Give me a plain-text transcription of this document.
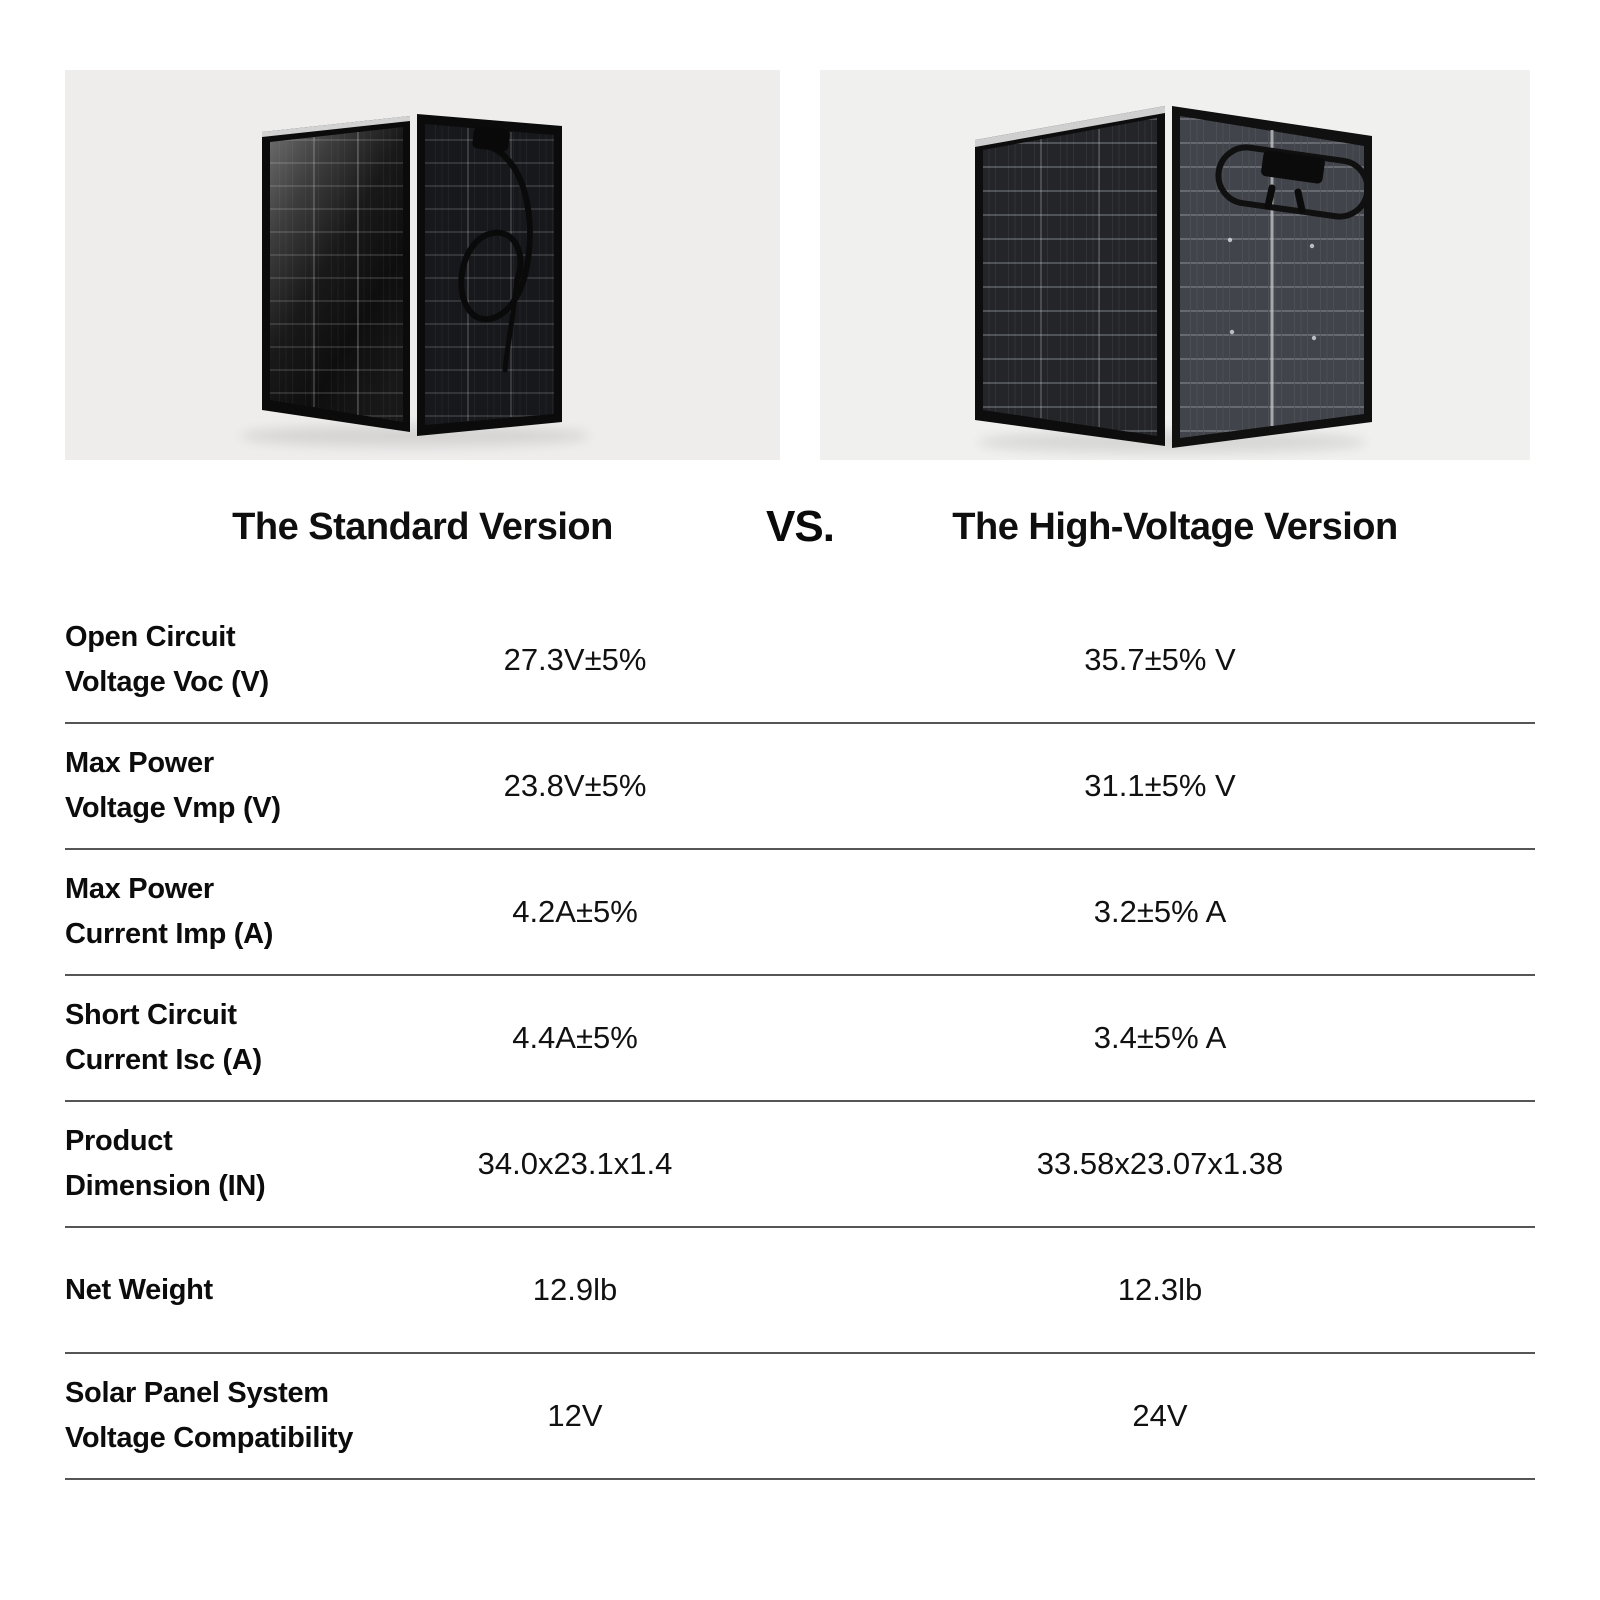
The Standard Version	VS.	The High-Voltage Version
Open Circuit
Voltage Voc (V)
27.3V±5%	35.7±5% V
Max Power
Voltage Vmp (V)
23.8V±5%	31.1±5% V
Max Power
Current Imp (A)
4.2A±5%	3.2±5% A
Short Circuit
Current Isc (A)
4.4A±5%	3.4±5% A
Product
Dimension (IN)
34.0x23.1x1.4	33.58x23.07x1.38
Net Weight	12.9lb	12.3lb
Solar Panel System
Voltage Compatibility
12V	24V
